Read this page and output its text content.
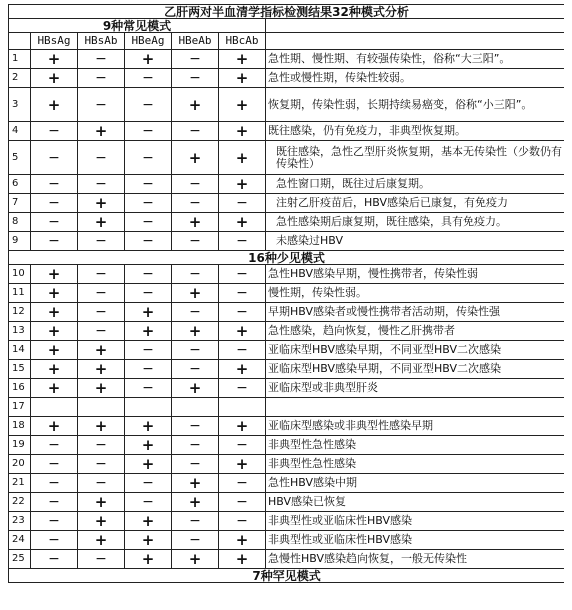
乙肝两对半血清学指标检测结果32种模式分析						
9种常见模式						
	HBsAg	HBsAb	HBeAg	HBeAb	HBcAb	
1	+	−	+	−	+	急性期、慢性期、有较强传染性，俗称“大三阳”。
2	+	−	−	−	+	急性或慢性期，传染性较弱。
3	+	−	−	+	+	恢复期，传染性弱，长期持续易癌变，俗称“小三阳”。
4	−	+	−	−	+	既往感染，仍有免疫力，非典型恢复期。
5	−	−	−	+	+	既往感染，急性乙型肝炎恢复期，基本无传染性（少数仍有传染性）
6	−	−	−	−	+	急性窗口期，既往过后康复期。
7	−	+	−	−	−	注射乙肝疫苗后，HBV感染后已康复，有免疫力
8	−	+	−	+	+	急性感染期后康复期，既往感染，具有免疫力。
9	−	−	−	−	−	未感染过HBV
16种少见模式						
10	+	−	−	−	−	急性HBV感染早期，慢性携带者，传染性弱
11	+	−	−	+	−	慢性期，传染性弱。
12	+	−	+	−	−	早期HBV感染者或慢性携带者活动期，传染性强
13	+	−	+	+	+	急性感染，趋向恢复，慢性乙肝携带者
14	+	+	−	−	−	亚临床型HBV感染早期，不同亚型HBV二次感染
15	+	+	−	−	+	亚临床型HBV感染早期，不同亚型HBV二次感染
16	+	+	−	+	−	亚临床型或非典型肝炎
17						
18	+	+	+	−	+	亚临床型感染或非典型性感染早期
19	−	−	+	−	−	非典型性急性感染
20	−	−	+	−	+	非典型性急性感染
21	−	−	−	+	−	急性HBV感染中期
22	−	+	−	+	−	HBV感染已恢复
23	−	+	+	−	−	非典型性或亚临床性HBV感染
24	−	+	+	−	+	非典型性或亚临床性HBV感染
25	−	−	+	+	+	急慢性HBV感染趋向恢复，一般无传染性
7种罕见模式						
